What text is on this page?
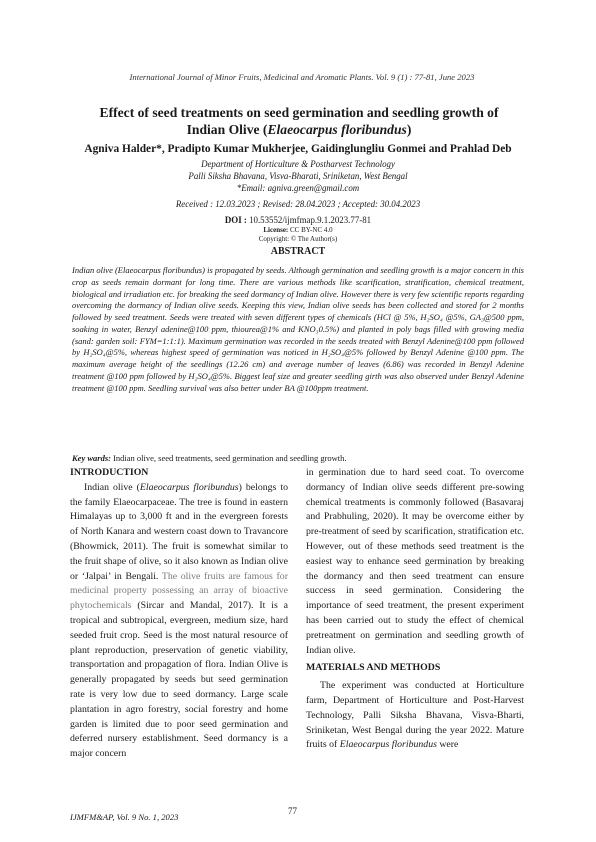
International Journal of Minor Fruits, Medicinal and Aromatic Plants. Vol. 9 (1) : 77-81, June 2023
Effect of seed treatments on seed germination and seedling growth of
Indian Olive (Elaeocarpus floribundus)
Agniva Halder*, Pradipto Kumar Mukherjee, Gaidinglungliu Gonmei and Prahlad Deb
Department of Horticulture & Postharvest Technology
Palli Siksha Bhavana, Visva-Bharati, Sriniketan, West Bengal
*Email: agniva.green@gmail.com
Received : 12.03.2023 ; Revised: 28.04.2023 ; Accepted: 30.04.2023
DOI : 10.53552/ijmfmap.9.1.2023.77-81
License: CC BY-NC 4.0
Copyright: © The Author(s)
ABSTRACT
Indian olive (Elaeocarpus floribundus) is propagated by seeds. Although germination and seedling growth is a major concern in this crop as seeds remain dormant for long time. There are various methods like scarification, stratification, chemical treatment, biological and irradiation etc. for breaking the seed dormancy of Indian olive. However there is very few scientific reports regarding overcoming the dormancy of Indian olive seeds. Keeping this view, Indian olive seeds has been collected and stored for 2 months followed by seed treatment. Seeds were treated with seven different types of chemicals (HCl @ 5%, H₂SO₄ @5%, GA₃@500 ppm, soaking in water, Benzyl adenine@100 ppm, thiourea@1% and KNO₃0.5%) and planted in poly bags filled with growing media (sand: garden soil: FYM=1:1:1). Maximum germination was recorded in the seeds treated with Benzyl Adenine@100 ppm followed by H₂SO₄@5%, whereas highest speed of germination was noticed in H₂SO₄@5% followed by Benzyl Adenine @100 ppm. The maximum average height of the seedlings (12.26 cm) and average number of leaves (6.86) was recorded in Benzyl Adenine treatment @100 ppm followed by H₂SO₄@5%. Biggest leaf size and greater seedling girth was also observed under Benzyl Adenine treatment @100 ppm. Seedling survival was also better under BA @100ppm treatment.
Key wards: Indian olive, seed treatments, seed germination and seedling growth.
INTRODUCTION

Indian olive (Elaeocarpus floribundus) belongs to the family Elaeocarpaceae. The tree is found in eastern Himalayas up to 3,000 ft and in the evergreen forests of North Kanara and western coast down to Travancore (Bhowmick, 2011). The fruit is somewhat similar to the fruit shape of olive, so it also known as Indian olive or ‘Jalpai’ in Bengali. The olive fruits are famous for medicinal property possessing an array of bioactive phytochemicals (Sircar and Mandal, 2017). It is a tropical and subtropical, evergreen, medium size, hard seeded fruit crop. Seed is the most natural resource of plant reproduction, preservation of genetic viability, transportation and propagation of flora. Indian Olive is generally propagated by seeds but seed germination rate is very low due to seed dormancy. Large scale plantation in agro forestry, social forestry and home garden is limited due to poor seed germination and deferred nursery establishment. Seed dormancy is a major concern

in germination due to hard seed coat. To overcome dormancy of Indian olive seeds different pre-sowing chemical treatments is commonly followed (Basavaraj and Prabhuling, 2020). It may be overcome either by pre-treatment of seed by scarification, stratification etc. However, out of these methods seed treatment is the easiest way to enhance seed germination by breaking the dormancy and then seed treatment can ensure success in seed germination. Considering the importance of seed treatment, the present experiment has been carried out to study the effect of chemical pretreatment on germination and seedling growth of Indian olive.

MATERIALS AND METHODS

The experiment was conducted at Horticulture farm, Department of Horticulture and Post-Harvest Technology, Palli Siksha Bhavana, Visva-Bharti, Sriniketan, West Bengal during the year 2022. Mature fruits of Elaeocarpus floribundus were

77
IJMFM&AP, Vol. 9 No. 1, 2023
